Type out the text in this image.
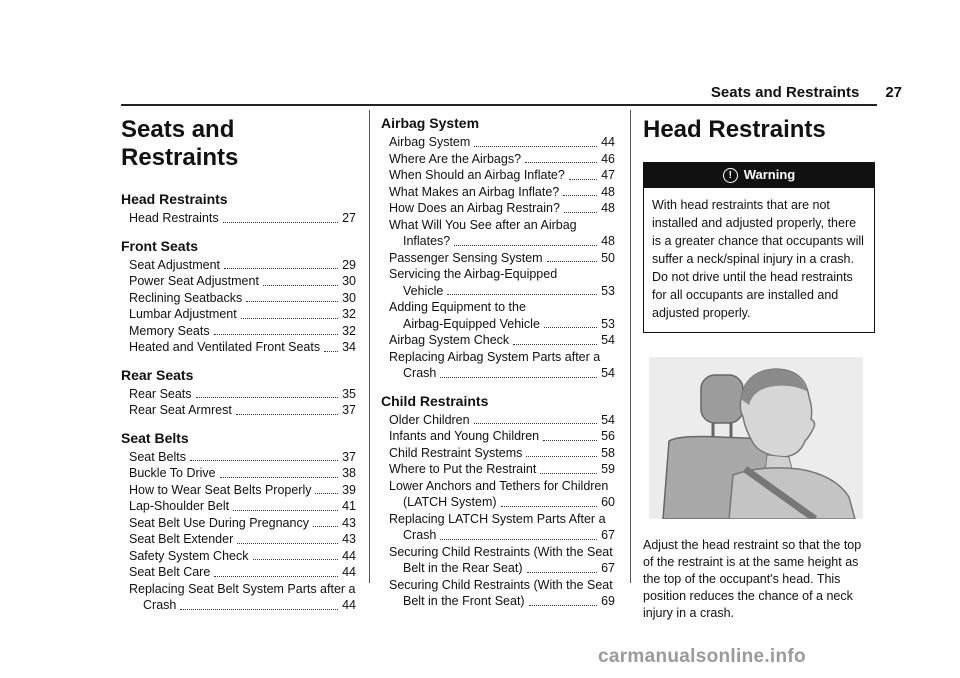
Seats and Restraints 27
Seats and Restraints
Head Restraints
Head Restraints	27
Front Seats
Seat Adjustment	29
Power Seat Adjustment	30
Reclining Seatbacks	30
Lumbar Adjustment	32
Memory Seats	32
Heated and Ventilated Front Seats 34
Rear Seats
Rear Seats	35
Rear Seat Armrest	37
Seat Belts
Seat Belts	37
Buckle To Drive	38
How to Wear Seat Belts Properly 39
Lap-Shoulder Belt	41
Seat Belt Use During Pregnancy	43
Seat Belt Extender	43
Safety System Check	44
Seat Belt Care	44
Replacing Seat Belt System Parts after a
Crash	44
Airbag System
Airbag System	44
Where Are the Airbags?	46
When Should an Airbag Inflate?	47
What Makes an Airbag Inflate?	48
How Does an Airbag Restrain?	48
What Will You See after an Airbag
Inflates?	48
Passenger Sensing System	50
Servicing the Airbag-Equipped
Vehicle	53
Adding Equipment to the
Airbag-Equipped Vehicle	53
Airbag System Check	54
Replacing Airbag System Parts after a
Crash	54
Child Restraints
Older Children	54
Infants and Young Children	56
Child Restraint Systems	58
Where to Put the Restraint	59
Lower Anchors and Tethers for Children
(LATCH System)	60
Replacing LATCH System Parts After a
Crash	67
Securing Child Restraints (With the Seat
Belt in the Rear Seat)	67
Securing Child Restraints (With the Seat
Belt in the Front Seat)	69
Head Restraints
! Warning
With head restraints that are not installed and adjusted properly, there is a greater chance that occupants will suffer a neck/spinal injury in a crash. Do not drive until the head restraints for all occupants are installed and adjusted properly.
Adjust the head restraint so that the top of the restraint is at the same height as the top of the occupant's head. This position reduces the chance of a neck injury in a crash.
carmanualsonline.info
